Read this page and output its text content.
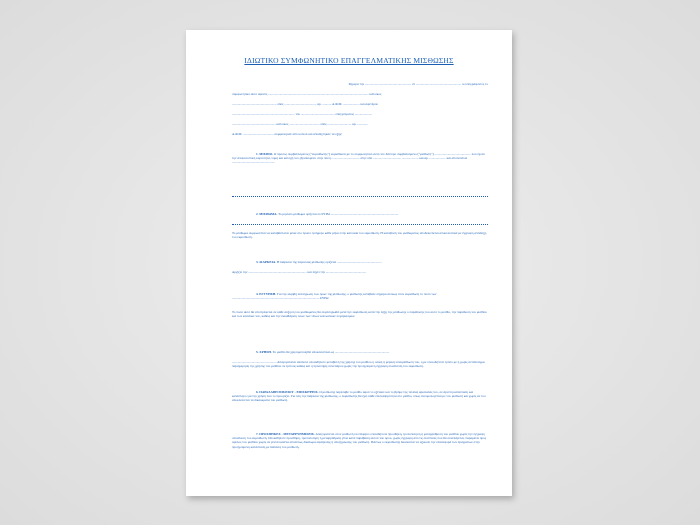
ΙΔΙΩΤΙΚΟ ΣΥΜΦΩΝΗΤΙΚΟ ΕΠΑΓΓΕΛΜΑΤΙΚΗΣ ΜΙΣΘΩΣΗΣ
Σήμερα την ........................................................ στ ....................................................... οι υπογράφοντες το
συμφωνητικό αυτό αφενός .......................................................................................................................... κάτοικος
...................................................... οδός ....................................... αρ. ........... Α.Φ.Μ. .................... και αφετέρου
............................................................................ του ......................................... επαγγέλματος .....................
..................................................... κάτοικος ..................................... οδός ............................. αρ. .............
Α.Φ.Μ. ..................................... συμφώνησαν από κοινού και αποδέχτηκαν τα εξής:
1. ΜΙΣΘΙΟ. Ο πρώτος συμβαλλόμενος ("εκμισθωτής") εκμισθώνει με το συμφωνητικό αυτό τον δεύτερο συμβαλλόμενο ("μισθωτή") ............................................ που έχουν την αποκλειστική κυριότητα, νομή και κατοχή του, βρισκόμενο στην πόλη .................................. στην οδό .................................. .................... και αρ. .................... και αποτελείται ....................................................
2. ΜΙΣΘΩΜΑ. Το μηνιαίο μίσθωμα ορίζεται σε €ΥΡΩ ..................................................................................
Το μίσθωμα συμφωνείται να καταβάλλεται μέσα στο πρώτο τριήμερο κάθε μήνα στην κατοικία του εκμισθωτή. Η καταβολή του μισθώματος αποδεικνύεται αποκλειστικά με έγγραφη απόδειξη του εκμισθωτή.
3. ΔΙΑΡΚΕΙΑ. Η διάρκεια της παρούσας μίσθωσης ορίζεται ......................................................
Αρχίζει την ....................................................................... και λήγει την .................................................
4. ΕΓΓΥΗΣΗ. Για την ακριβή εκπλήρωση των όρων της μίσθωσης, ο μισθωτής κατέβαλε σήμερα ατόκως στον εκμισθωτή το ποσό των .......................................................................................................... €ΥΡΩ
Το ποσό αυτό θα επιστρέφεται σε κάθε αύξηση του μισθώματος θα συμπληρωθεί μετά την εκμίσθωση κατά την λήξη της μίσθωσης ο παράδοσης του αυτό το μισθίο, την παράδοση του μισθίου και των κλειδιών του, καθώς και την εκκαθάριση όλων των τέλων κοινωνικών λογαριασμών.
5. ΧΡΗΣΗ. Το μισθίο θα χρησιμοποιηθεί αποκλειστικά ως ..................................................................
...................................................... Απαγορεύεται απόλυτα οποιαδήποτε μεταβολή της χρήσης του μισθίου η ολική ή μερική υπεκμίσθωση του, η με οποιοδήποτε τρόπο με ή χωρίς αντάλλαγμα παραχώρηση της χρήσης του μισθίου σε τρίτους καθώς και η πρόσληψη συνεταίρου χωρίς την προηγούμενη έγγραφη συναίνεση του εκμισθωτή.
6. ΠΑΡΑΛΑΒΗ ΜΙΣΘΙΟΥ - ΕΠΙΣΚΕΨΕΙΣ. Ο μισθωτής παρέλαβε το μισθίο αφού το εξέτασε και το βρήκε της τελείας αρεσκείας του, σε άριστη κατάσταση και κατάλληλο για την χρήση που το προορίζει. Για όλη την διάρκεια της μίσθωσης, ο εκμισθωτής θα έχει κάθε επισκεψιμότητα στο μίσθιο, όπως συνομολογείται με τον μισθωτή και χωρίς να του αποκλείονται τα δικαιώματα του μισθωτή.
7. ΠΡΟΣΘΗΚΕΣ - ΜΕΤΑΡΡΥΘΜΙΣΕΙΣ. Απαγορεύεται στον μισθωτή να επιφέρει οποιαδήποτε προσθήκη, τροποποίηση ή μεταρρύθμιση του μισθίου χωρίς την έγγραφη συναίνεση του εκμισθωτή. Οποιαδήποτε προσθήκη, τροποποίηση ή μεταρρύθμιση γίνει κατά παράβαση αυτού του όρου, χωρίς έγγραφη από τις συνέπειες που θα συνεπάγεται, παραμένει προς όφελος του μισθίου χωρίς να γεννά κανένα απολύτως δικαίωμα αφαίρεσης ή αποζημίωσης του μισθωτή. Πάντως ο εκμισθωτής δικαιούται να αξιώσει την επαναφορά των πραγμάτων στην προηγούμενη κατάσταση με δαπάνες του μισθωτή.
